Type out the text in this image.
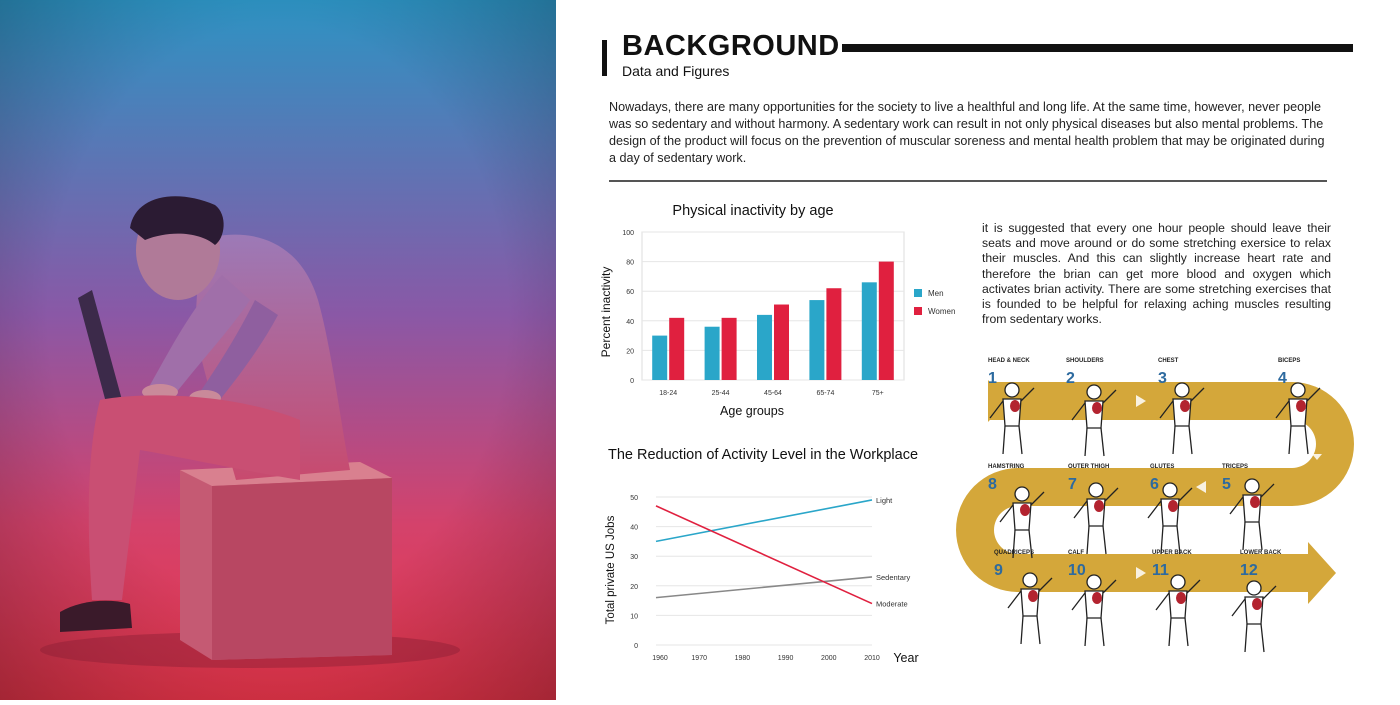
BACKGROUND
Data and Figures
Nowadays, there are many opportunities for the society to live a healthful and long life. At the same time, however, never people was so sedentary and without harmony. A sedentary work can result in not only physical diseases but also mental problems. The design of the product will focus on the prevention of muscular soreness and mental health problem that may be originated during a day of sedentary work.
Physical inactivity by age
Percent inactivity
Age groups
0
20
40
60
80
100
18-24	25-44	45-64	65-74	75+
Men
Women
The Reduction of Activity Level in the Workplace
Total private US Jobs
Year
0
10
20
30
40
50
1960	1970	1980	1990	2000	2010
Light
Sedentary
Moderate
it is suggested that every one hour people should leave their seats and move around or do some stretching exersice to relax their muscles. And this can slightly increase heart rate and therefore the brian can get more blood and oxygen which activates brian activity. There are some stretching exercises that is founded to be helpful for relaxing aching muscles resulting from sedentary works.
HEAD & NECK
1
SHOULDERS
2
CHEST
3
BICEPS
4
TRICEPS
5
GLUTES
6
OUTER THIGH
7
HAMSTRING
8
QUADRICEPS
9
CALF
10
UPPER BACK
11
LOWER BACK
12
